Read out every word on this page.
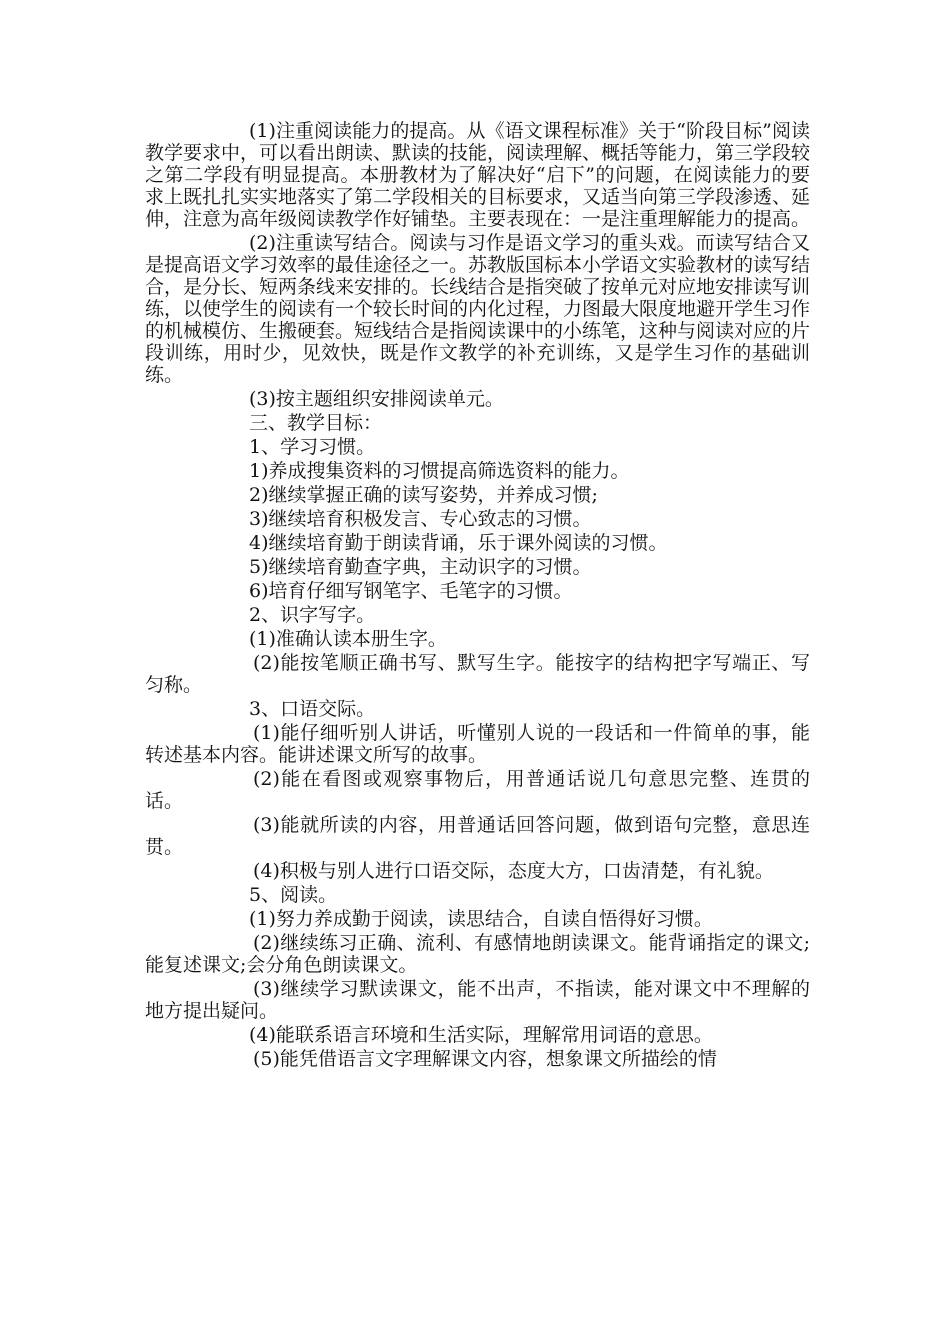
(1)注重阅读能力的提高。从《语文课程标准》关于“阶段目标”阅读教学要求中，可以看出朗读、默读的技能，阅读理解、概括等能力，第三学段较之第二学段有明显提高。本册教材为了解决好“启下”的问题，在阅读能力的要求上既扎扎实实地落实了第二学段相关的目标要求，又适当向第三学段渗透、延伸，注意为高年级阅读教学作好铺垫。主要表现在：一是注重理解能力的提高。

(2)注重读写结合。阅读与习作是语文学习的重头戏。而读写结合又是提高语文学习效率的最佳途径之一。苏教版国标本小学语文实验教材的读写结合，是分长、短两条线来安排的。长线结合是指突破了按单元对应地安排读写训练，以使学生的阅读有一个较长时间的内化过程，力图最大限度地避开学生习作的机械模仿、生搬硬套。短线结合是指阅读课中的小练笔，这种与阅读对应的片段训练，用时少，见效快，既是作文教学的补充训练，又是学生习作的基础训练。

(3)按主题组织安排阅读单元。

三、教学目标：

1、学习习惯。

1)养成搜集资料的习惯提高筛选资料的能力。

2)继续掌握正确的读写姿势，并养成习惯;

3)继续培育积极发言、专心致志的习惯。

4)继续培育勤于朗读背诵，乐于课外阅读的习惯。

5)继续培育勤查字典，主动识字的习惯。

6)培育仔细写钢笔字、毛笔字的习惯。

2、识字写字。

(1)准确认读本册生字。

(2)能按笔顺正确书写、默写生字。能按字的结构把字写端正、写匀称。

3、口语交际。

(1)能仔细听别人讲话，听懂别人说的一段话和一件简单的事，能转述基本内容。能讲述课文所写的故事。

(2)能在看图或观察事物后，用普通话说几句意思完整、连贯的话。

(3)能就所读的内容，用普通话回答问题，做到语句完整，意思连贯。

(4)积极与别人进行口语交际，态度大方，口齿清楚，有礼貌。

5、阅读。

(1)努力养成勤于阅读，读思结合，自读自悟得好习惯。

(2)继续练习正确、流利、有感情地朗读课文。能背诵指定的课文;能复述课文;会分角色朗读课文。

(3)继续学习默读课文，能不出声，不指读，能对课文中不理解的地方提出疑问。

(4)能联系语言环境和生活实际，理解常用词语的意思。

(5)能凭借语言文字理解课文内容，想象课文所描绘的情
